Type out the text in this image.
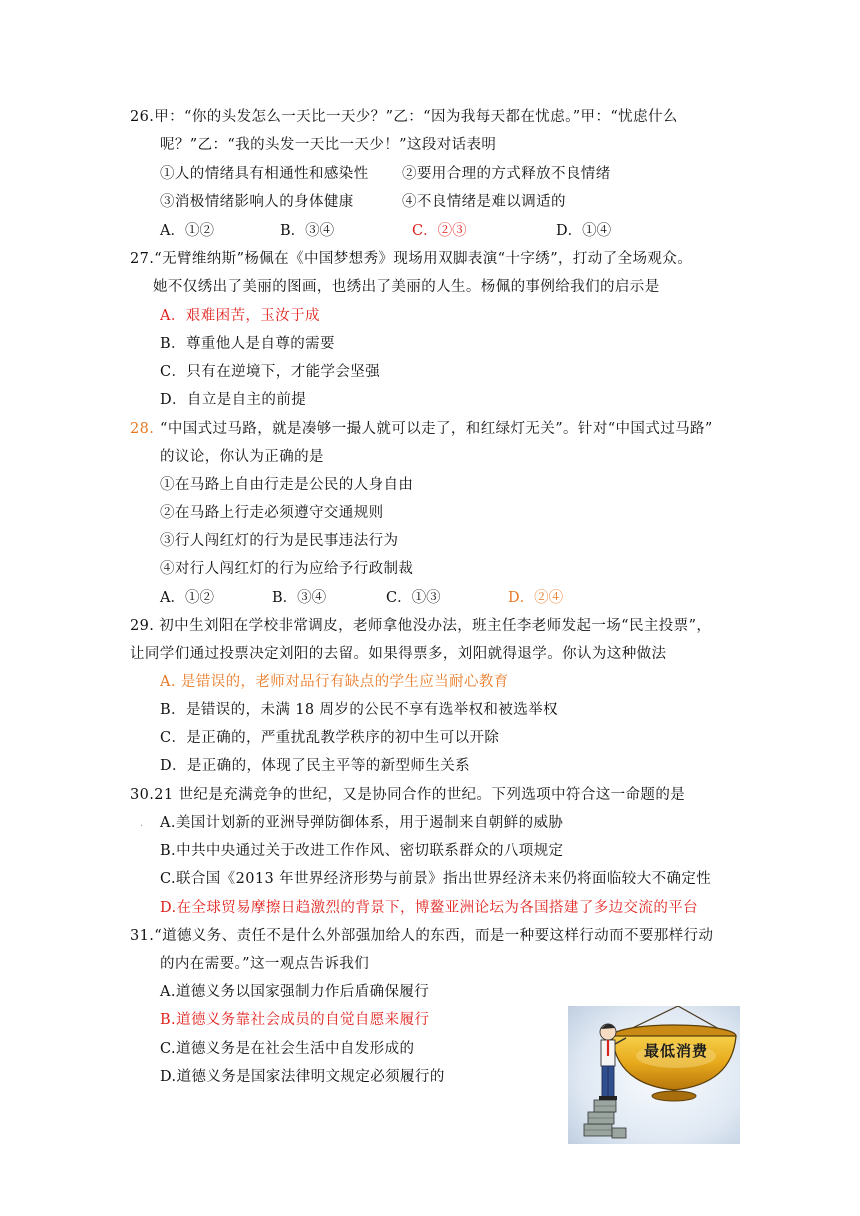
26.甲：“你的头发怎么一天比一天少？”乙：“因为我每天都在忧虑。”甲：“忧虑什么
呢？”乙：“我的头发一天比一天少！”这段对话表明
①人的情绪具有相通性和感染性 ②要用合理的方式释放不良情绪
③消极情绪影响人的身体健康	④不良情绪是难以调适的
A．①②	B．③④	C．②③	D．①④
27.“无臂维纳斯”杨佩在《中国梦想秀》现场用双脚表演“十字绣”，打动了全场观众。
她不仅绣出了美丽的图画，也绣出了美丽的人生。杨佩的事例给我们的启示是
A．艰难困苦，玉汝于成
B．尊重他人是自尊的需要
C．只有在逆境下，才能学会坚强
D．自立是自主的前提
28. “中国式过马路，就是凑够一撮人就可以走了，和红绿灯无关”。针对“中国式过马路”
的议论，你认为正确的是
①在马路上自由行走是公民的人身自由
②在马路上行走必须遵守交通规则
③行人闯红灯的行为是民事违法行为
④对行人闯红灯的行为应给予行政制裁
A．①②	B．③④	C．①③	D．②④
29. 初中生刘阳在学校非常调皮，老师拿他没办法，班主任李老师发起一场“民主投票”，
让同学们通过投票决定刘阳的去留。如果得票多，刘阳就得退学。你认为这种做法
A. 是错误的，老师对品行有缺点的学生应当耐心教育
B．是错误的，未满 18 周岁的公民不享有选举权和被选举权
C．是正确的，严重扰乱教学秩序的初中生可以开除
D．是正确的，体现了民主平等的新型师生关系
30.21 世纪是充满竞争的世纪，又是协同合作的世纪。下列选项中符合这一命题的是
. A.美国计划新的亚洲导弹防御体系，用于遏制来自朝鲜的威胁
B.中共中央通过关于改进工作作风、密切联系群众的八项规定
C.联合国《2013 年世界经济形势与前景》指出世界经济未来仍将面临较大不确定性
D.在全球贸易摩擦日趋激烈的背景下，博鳌亚洲论坛为各国搭建了多边交流的平台
31.“道德义务、责任不是什么外部强加给人的东西，而是一种要这样行动而不要那样行动
的内在需要。”这一观点告诉我们
A.道德义务以国家强制力作后盾确保履行
B.道德义务靠社会成员的自觉自愿来履行
C.道德义务是在社会生活中自发形成的
D.道德义务是国家法律明文规定必须履行的
最低消费
